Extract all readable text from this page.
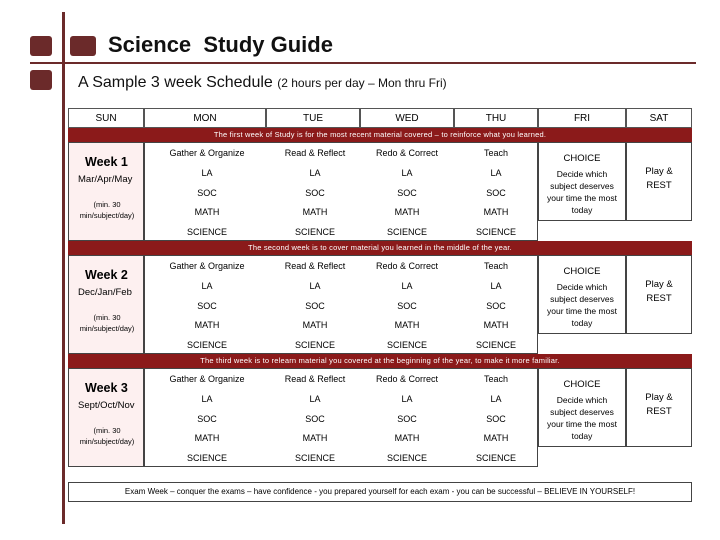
Science  Study Guide
A Sample 3 week Schedule (2 hours per day – Mon thru Fri)
SUN	MON	TUE	WED	THU	FRI	SAT
The first week of Study is for the most recent material covered – to reinforce what you learned.
Week 1
Mar/Apr/May
(min. 30 min/subject/day)
Gather & Organize	Read & Reflect	Redo & Correct	Teach
LA	LA	LA	LA
SOC	SOC	SOC	SOC
MATH	MATH	MATH	MATH
SCIENCE	SCIENCE	SCIENCE	SCIENCE
CHOICE
Decide which subject deserves your time the most today
Play &
REST
The second week is to cover material you learned in the middle of the year.
Week 2
Dec/Jan/Feb
(min. 30 min/subject/day)
Gather & Organize	Read & Reflect	Redo & Correct	Teach
LA	LA	LA	LA
SOC	SOC	SOC	SOC
MATH	MATH	MATH	MATH
SCIENCE	SCIENCE	SCIENCE	SCIENCE
CHOICE
Decide which subject deserves your time the most today
Play &
REST
The third week is to relearn material you covered at the beginning of the year, to make it more familiar.
Week 3
Sept/Oct/Nov
(min. 30 min/subject/day)
Gather & Organize	Read & Reflect	Redo & Correct	Teach
LA	LA	LA	LA
SOC	SOC	SOC	SOC
MATH	MATH	MATH	MATH
SCIENCE	SCIENCE	SCIENCE	SCIENCE
CHOICE
Decide which subject deserves your time the most today
Play &
REST
Exam Week – conquer the exams – have confidence - you prepared yourself for each exam - you can be successful – BELIEVE IN YOURSELF!
